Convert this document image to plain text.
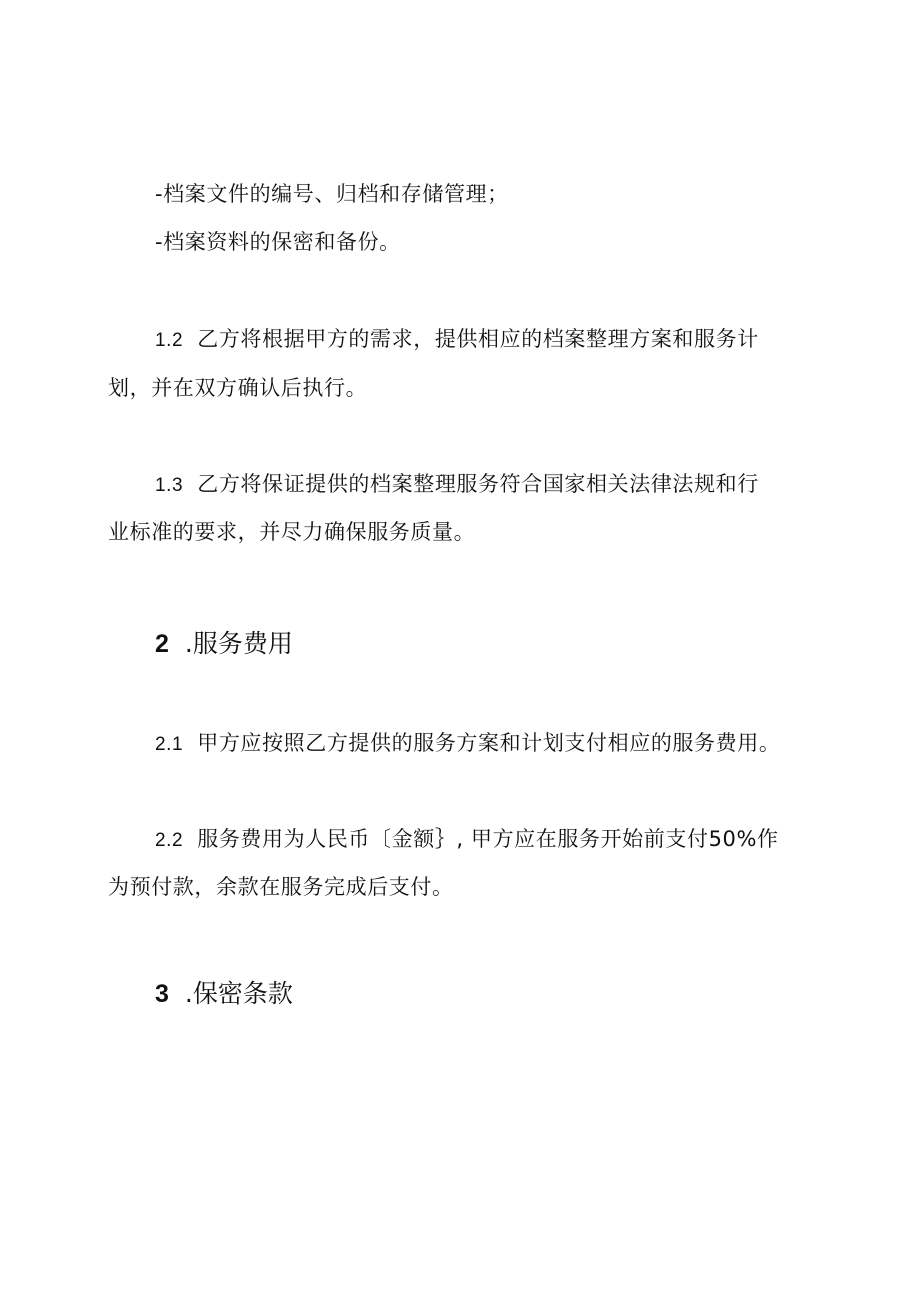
-档案文件的编号、归档和存储管理；
-档案资料的保密和备份。
1.2 乙方将根据甲方的需求，提供相应的档案整理方案和服务计
划，并在双方确认后执行。
1.3 乙方将保证提供的档案整理服务符合国家相关法律法规和行
业标准的要求，并尽力确保服务质量。
2 .服务费用
2.1 甲方应按照乙方提供的服务方案和计划支付相应的服务费用。
2.2 服务费用为人民币〔金额｝, 甲方应在服务开始前支付50%作
为预付款，余款在服务完成后支付。
3 .保密条款
